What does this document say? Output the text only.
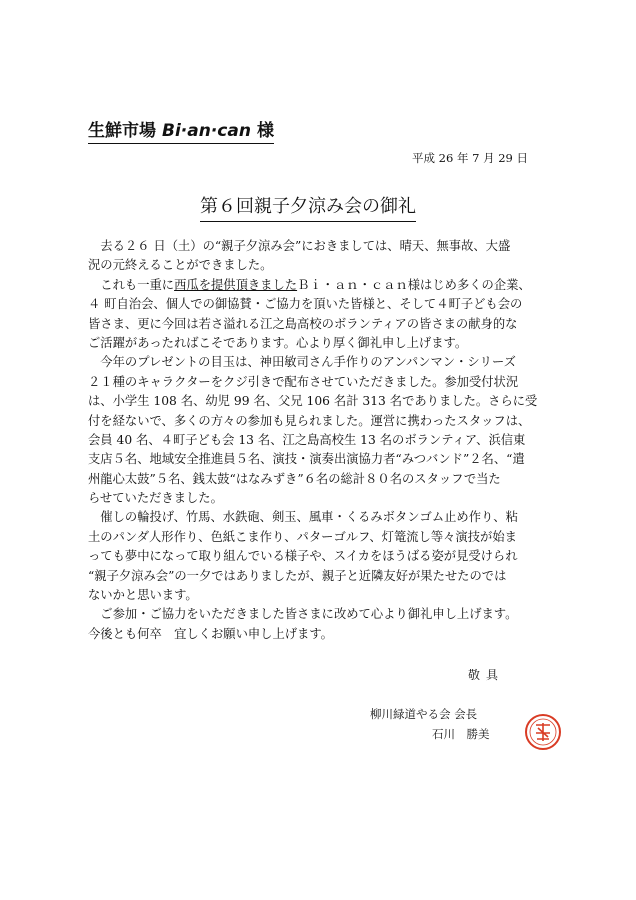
生鮮市場 Bi·an·can 様
平成 26 年 7 月 29 日
第６回親子夕涼み会の御礼
　去る２６ 日（土）の“親子夕涼み会”におきましては、晴天、無事故、大盛
況の元終えることができました。
　これも一重に西瓜を提供頂きましたＢｉ・ａｎ・ｃａｎ様はじめ多くの企業、
４ 町自治会、個人での御協賛・ご協力を頂いた皆様と、そして４町子ども会の
皆さま、更に今回は若さ溢れる江之島高校のボランティアの皆さまの献身的な
ご活躍があったればこそであります。心より厚く御礼申し上げます。
　今年のプレゼントの目玉は、神田敏司さん手作りのアンパンマン・シリーズ
２１種のキャラクターをクジ引きで配布させていただきました。参加受付状況
は、小学生 108 名、幼児 99 名、父兄 106 名計 313 名でありました。さらに受
付を経ないで、多くの方々の参加も見られました。運営に携わったスタッフは、
会員 40 名、４町子ども会 13 名、江之島高校生 13 名のボランティア、浜信東
支店５名、地域安全推進員５名、演技・演奏出演協力者“みつバンド”２名、“遣
州龍心太鼓”５名、銭太鼓“はなみずき”６名の総計８０名のスタッフで当た
らせていただきました。
　催しの輪投げ、竹馬、水鉄砲、剣玉、風車・くるみボタンゴム止め作り、粘
土のパンダ人形作り、色紙こま作り、パターゴルフ、灯篭流し等々演技が始ま
っても夢中になって取り組んでいる様子や、スイカをほうばる姿が見受けられ
“親子夕涼み会”の一夕ではありましたが、親子と近隣友好が果たせたのでは
ないかと思います。
　ご参加・ご協力をいただきました皆さまに改めて心より御礼申し上げます。
今後とも何卒　宜しくお願い申し上げます。
敬具
柳川緑道やる会 会長
石川　勝美
